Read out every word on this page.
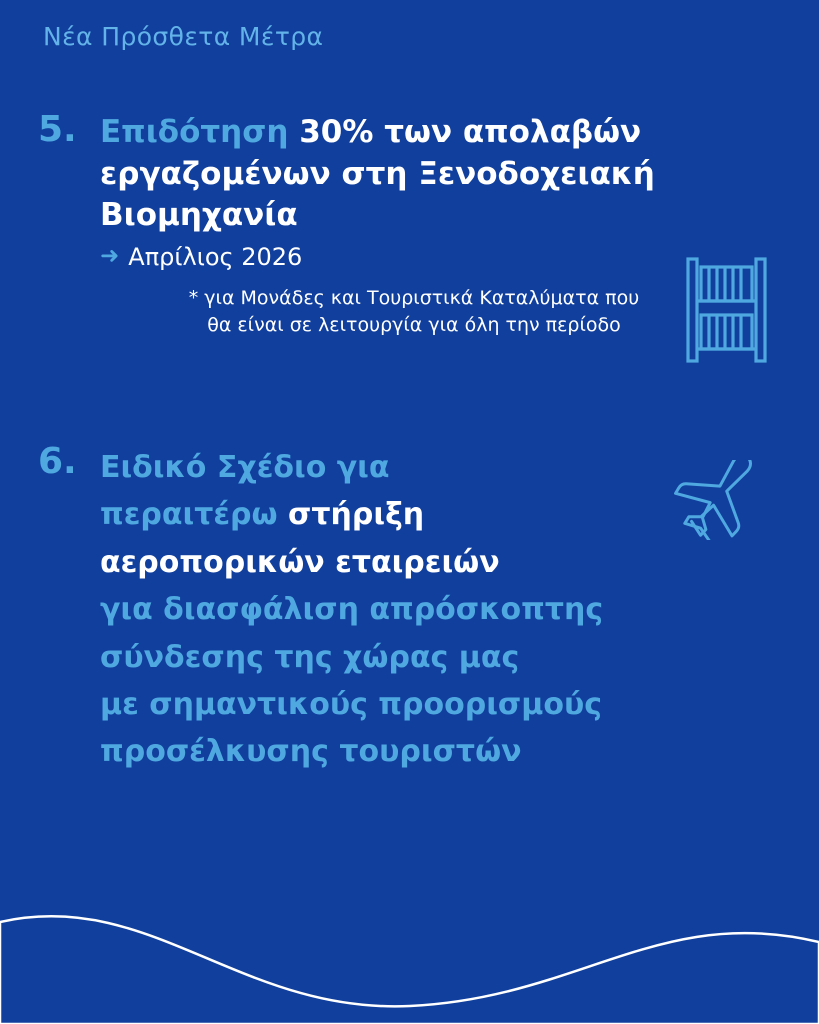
Νέα Πρόσθετα Μέτρα
5. Επιδότηση 30% των απολαβών
εργαζομένων στη Ξενοδοχειακή
Βιομηχανία
➜ Απρίλιος 2026
* για Μονάδες και Τουριστικά Καταλύματα που
θα είναι σε λειτουργία για όλη την περίοδο
6. Ειδικό Σχέδιο για
περαιτέρω στήριξη
αεροπορικών εταιρειών
για διασφάλιση απρόσκοπτης
σύνδεσης της χώρας μας
με σημαντικούς προορισμούς
προσέλκυσης τουριστών
